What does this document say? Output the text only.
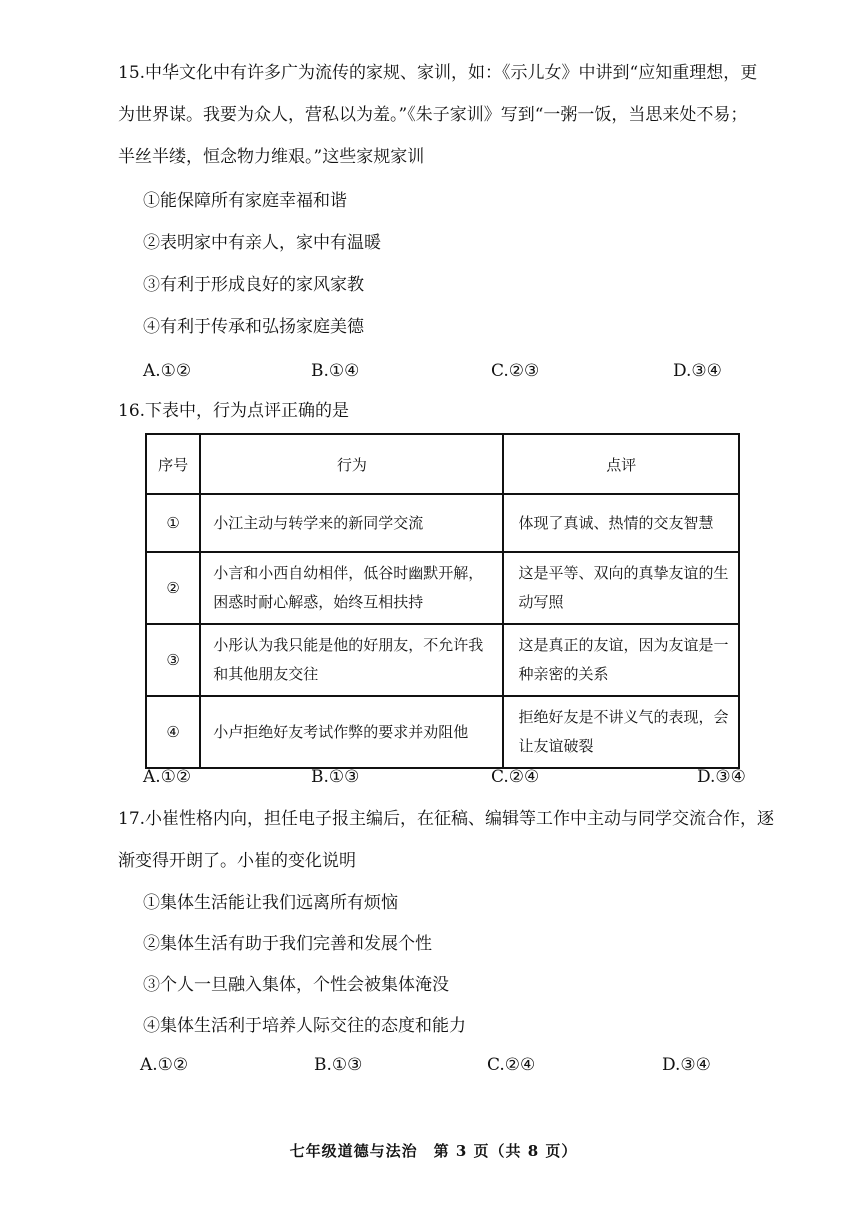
15.中华文化中有许多广为流传的家规、家训，如：《示儿女》中讲到“应知重理想，更
为世界谋。我要为众人，营私以为羞。”《朱子家训》写到“一粥一饭，当思来处不易；
半丝半缕，恒念物力维艰。”这些家规家训
①能保障所有家庭幸福和谐
②表明家中有亲人，家中有温暖
③有利于形成良好的家风家教
④有利于传承和弘扬家庭美德
A.①②	B.①④	C.②③	D.③④
16.下表中，行为点评正确的是
序号	行为	点评
①	小江主动与转学来的新同学交流	体现了真诚、热情的交友智慧
②	小言和小西自幼相伴，低谷时幽默开解，困惑时耐心解惑，始终互相扶持	这是平等、双向的真挚友谊的生动写照
③	小彤认为我只能是他的好朋友，不允许我和其他朋友交往	这是真正的友谊，因为友谊是一种亲密的关系
④	小卢拒绝好友考试作弊的要求并劝阻他	拒绝好友是不讲义气的表现，会让友谊破裂
A.①②	B.①③	C.②④	D.③④
17.小崔性格内向，担任电子报主编后，在征稿、编辑等工作中主动与同学交流合作，逐
渐变得开朗了。小崔的变化说明
①集体生活能让我们远离所有烦恼
②集体生活有助于我们完善和发展个性
③个人一旦融入集体，个性会被集体淹没
④集体生活利于培养人际交往的态度和能力
A.①②	B.①③	C.②④	D.③④
七年级道德与法治　第 3 页（共 8 页）
